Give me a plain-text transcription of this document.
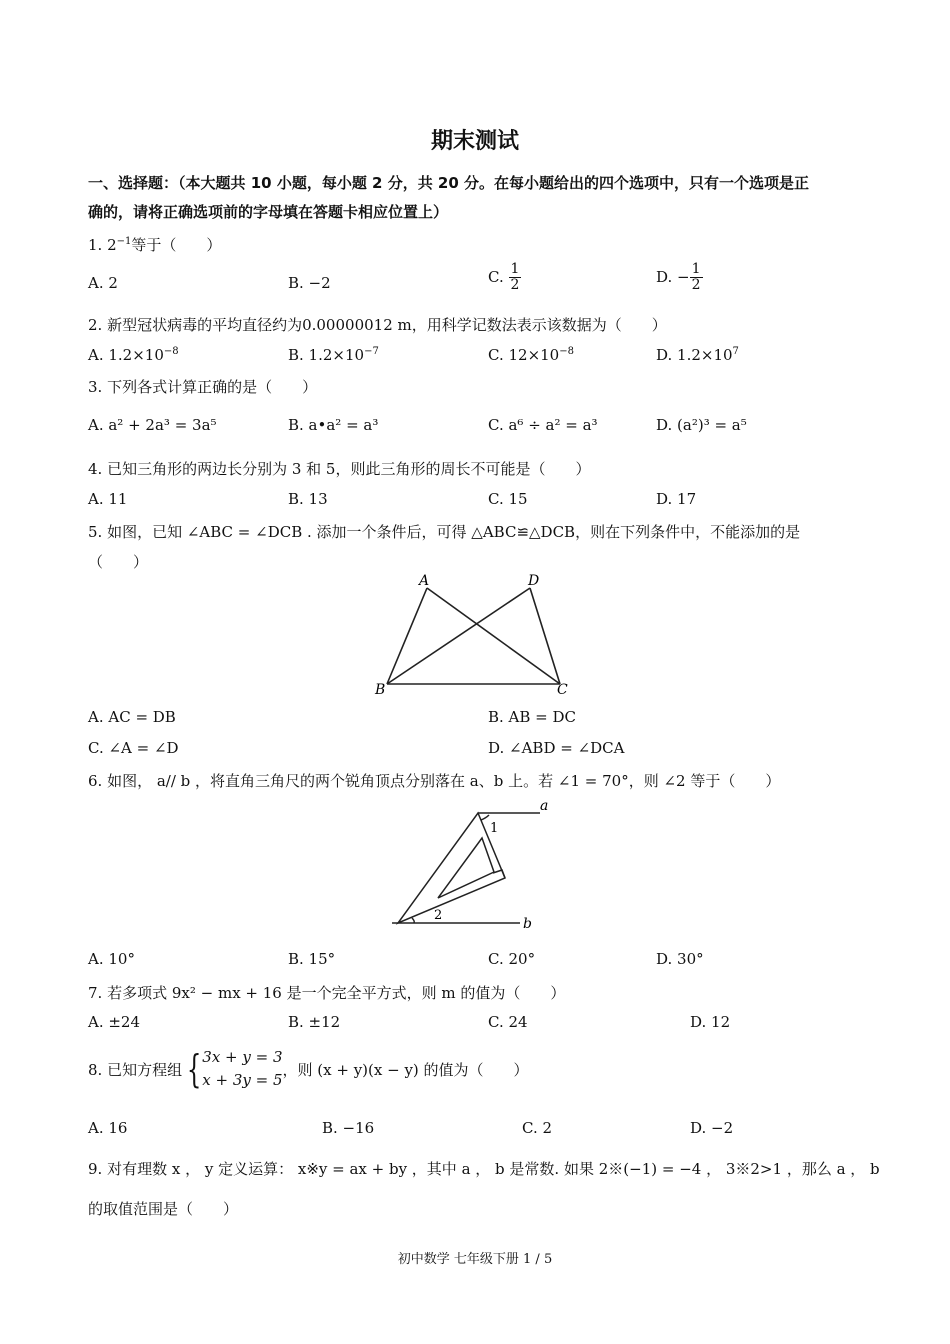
期末测试
一、选择题：（本大题共 10 小题，每小题 2 分，共 20 分。在每小题给出的四个选项中，只有一个选项是正
确的，请将正确选项前的字母填在答题卡相应位置上）
1. $2^{-1}$等于（　　）
A. 2	B. −2	C. $\frac{1}{2}$	D. − $\frac{1}{2}$
2. 新型冠状病毒的平均直径约为0.00000012 m，用科学记数法表示该数据为（　　）
A. $1.2\times 10^{-8}$	B. $1.2\times 10^{-7}$	C. $12\times 10^{-8}$	D. $1.2\times 10^7$
3. 下列各式计算正确的是（　　）
A. a² + 2a³ = 3a⁵	B. a•a² = a³	C. a⁶ ÷ a² = a³	D. (a²)³ = a⁵
4. 已知三角形的两边长分别为 3 和 5，则此三角形的周长不可能是（　　）
A. 11	B. 13	C. 15	D. 17
5. 如图，已知 ∠ABC = ∠DCB . 添加一个条件后，可得 △ABC≌△DCB，则在下列条件中，不能添加的是
（　　）
A	D
B	C
A. AC = DB	B. AB = DC
C. ∠A = ∠D	D. ∠ABD = ∠DCA
6. 如图， a// b ，将直角三角尺的两个锐角顶点分别落在 a、b 上。若 ∠1 = 70°，则 ∠2 等于（　　）
a
b
1
2
A. 10°	B. 15°	C. 20°	D. 30°
7. 若多项式 9x² − mx + 16 是一个完全平方式，则 m 的值为（　　）
A. ±24	B. ±12	C. 24	D. 12
8. 已知方程组 { 3x + y = 3
x + 3y = 5
，则 (x + y)(x − y) 的值为（　　）
A. 16	B. −16	C. 2	D. −2
9. 对有理数 x ， y 定义运算： x※y = ax + by ，其中 a ， b 是常数. 如果 2※(−1) = −4 ， 3※2>1 ，那么 a ， b
的取值范围是（　　）
初中数学 七年级下册 1 / 5
